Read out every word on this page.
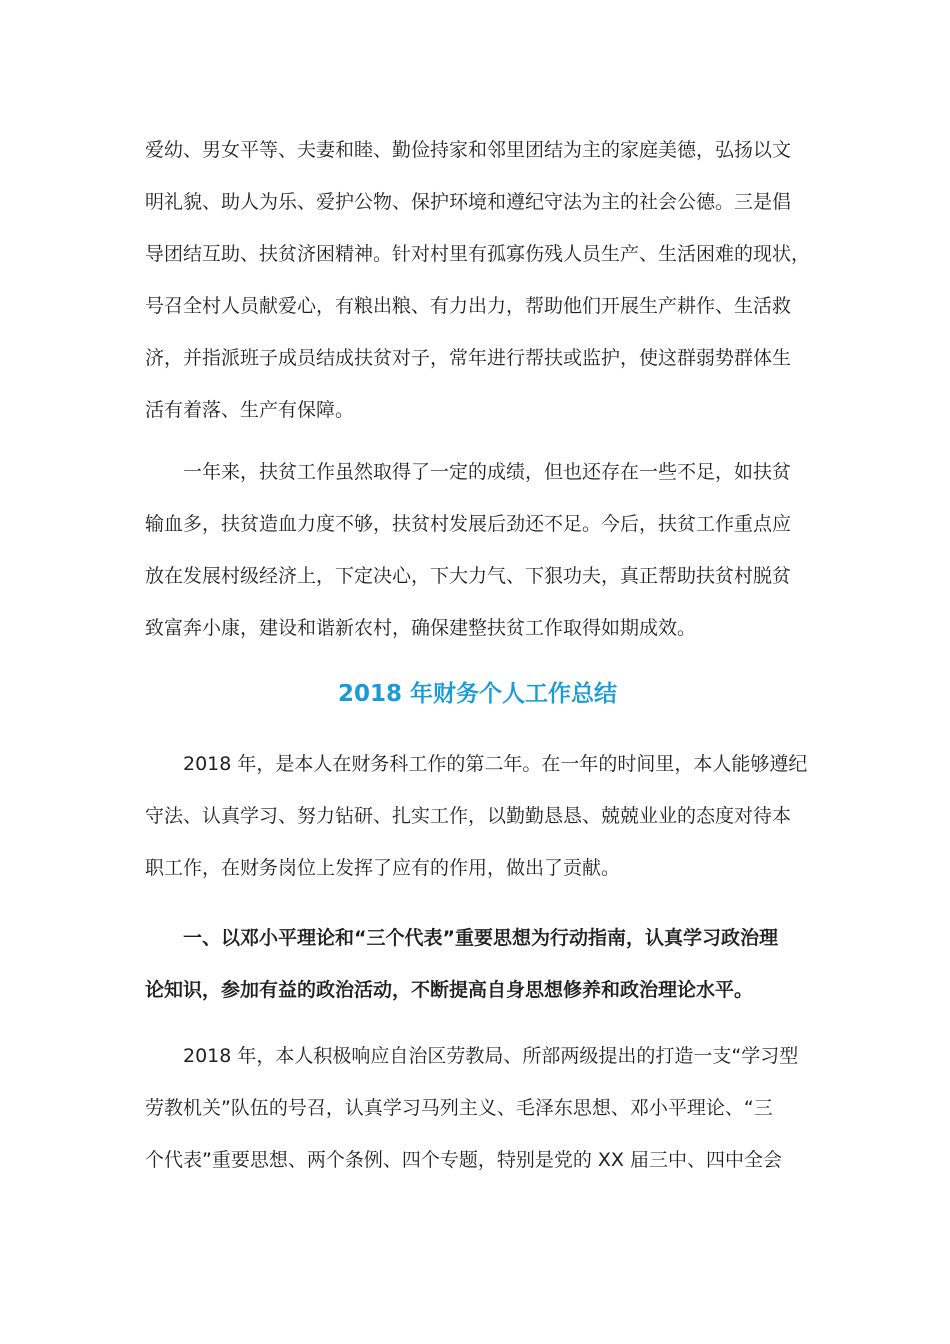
爱幼、男女平等、夫妻和睦、勤俭持家和邻里团结为主的家庭美德，弘扬以文
明礼貌、助人为乐、爱护公物、保护环境和遵纪守法为主的社会公德。三是倡
导团结互助、扶贫济困精神。针对村里有孤寡伤残人员生产、生活困难的现状，
号召全村人员献爱心，有粮出粮、有力出力，帮助他们开展生产耕作、生活救
济，并指派班子成员结成扶贫对子，常年进行帮扶或监护，使这群弱势群体生
活有着落、生产有保障。
一年来，扶贫工作虽然取得了一定的成绩，但也还存在一些不足，如扶贫
输血多，扶贫造血力度不够，扶贫村发展后劲还不足。今后，扶贫工作重点应
放在发展村级经济上，下定决心，下大力气、下狠功夫，真正帮助扶贫村脱贫
致富奔小康，建设和谐新农村，确保建整扶贫工作取得如期成效。
2018 年财务个人工作总结
2018 年，是本人在财务科工作的第二年。在一年的时间里，本人能够遵纪
守法、认真学习、努力钻研、扎实工作，以勤勤恳恳、兢兢业业的态度对待本
职工作，在财务岗位上发挥了应有的作用，做出了贡献。
一、以邓小平理论和“三个代表”重要思想为行动指南，认真学习政治理
论知识，参加有益的政治活动，不断提高自身思想修养和政治理论水平。
2018 年，本人积极响应自治区劳教局、所部两级提出的打造一支“学习型
劳教机关”队伍的号召，认真学习马列主义、毛泽东思想、邓小平理论、“三
个代表”重要思想、两个条例、四个专题，特别是党的 XX 届三中、四中全会
